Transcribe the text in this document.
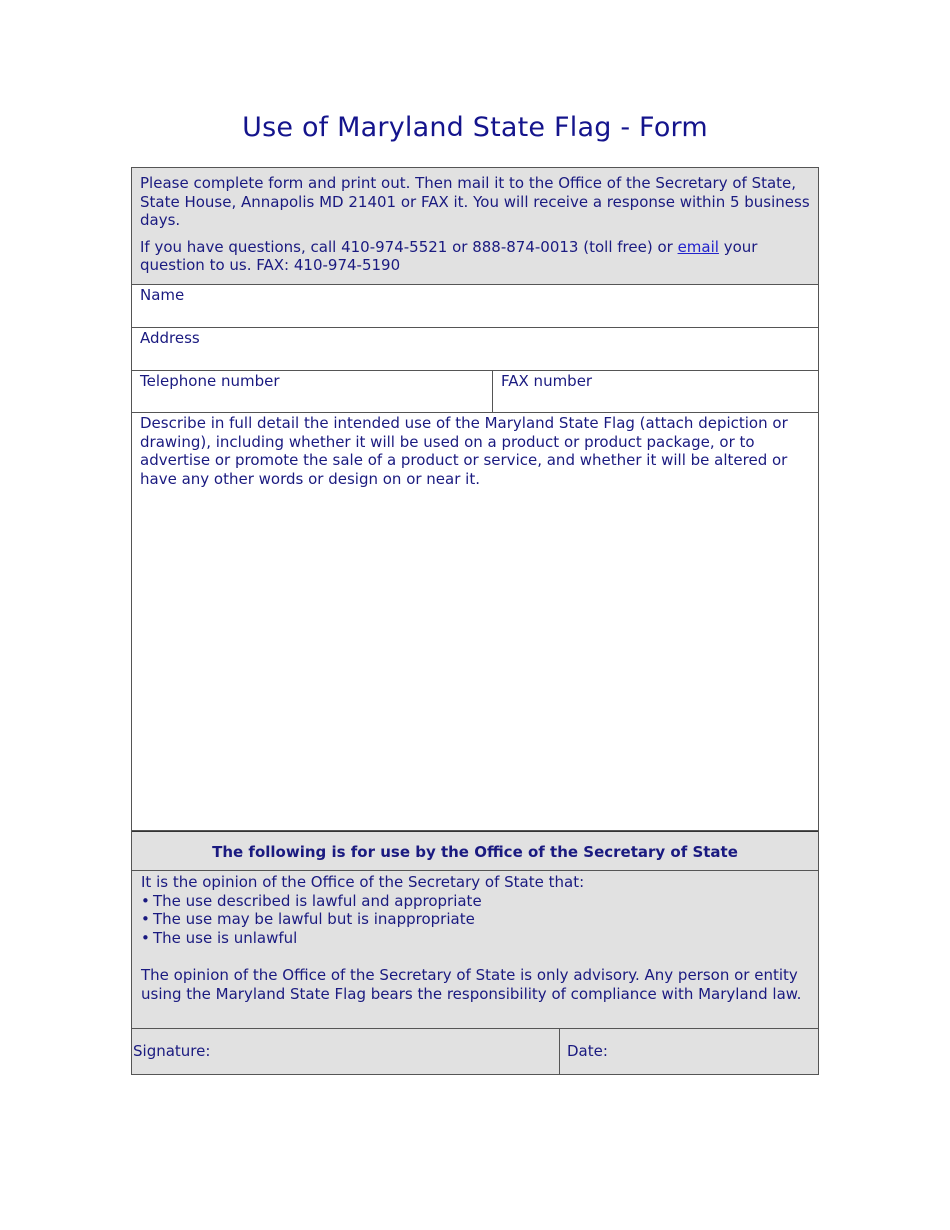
Use of Maryland State Flag - Form

Please complete form and print out. Then mail it to the Office of the Secretary of State, State House, Annapolis MD 21401 or FAX it. You will receive a response within 5 business days.

If you have questions, call 410-974-5521 or 888-874-0013 (toll free) or email your question to us. FAX: 410-974-5190

Name
Address
Telephone number	FAX number
Describe in full detail the intended use of the Maryland State Flag (attach depiction or drawing), including whether it will be used on a product or product package, or to advertise or promote the sale of a product or service, and whether it will be altered or have any other words or design on or near it.
The following is for use by the Office of the Secretary of State
It is the opinion of the Office of the Secretary of State that:
• The use described is lawful and appropriate
• The use may be lawful but is inappropriate
• The use is unlawful
The opinion of the Office of the Secretary of State is only advisory. Any person or entity using the Maryland State Flag bears the responsibility of compliance with Maryland law.
Signature:	Date:
